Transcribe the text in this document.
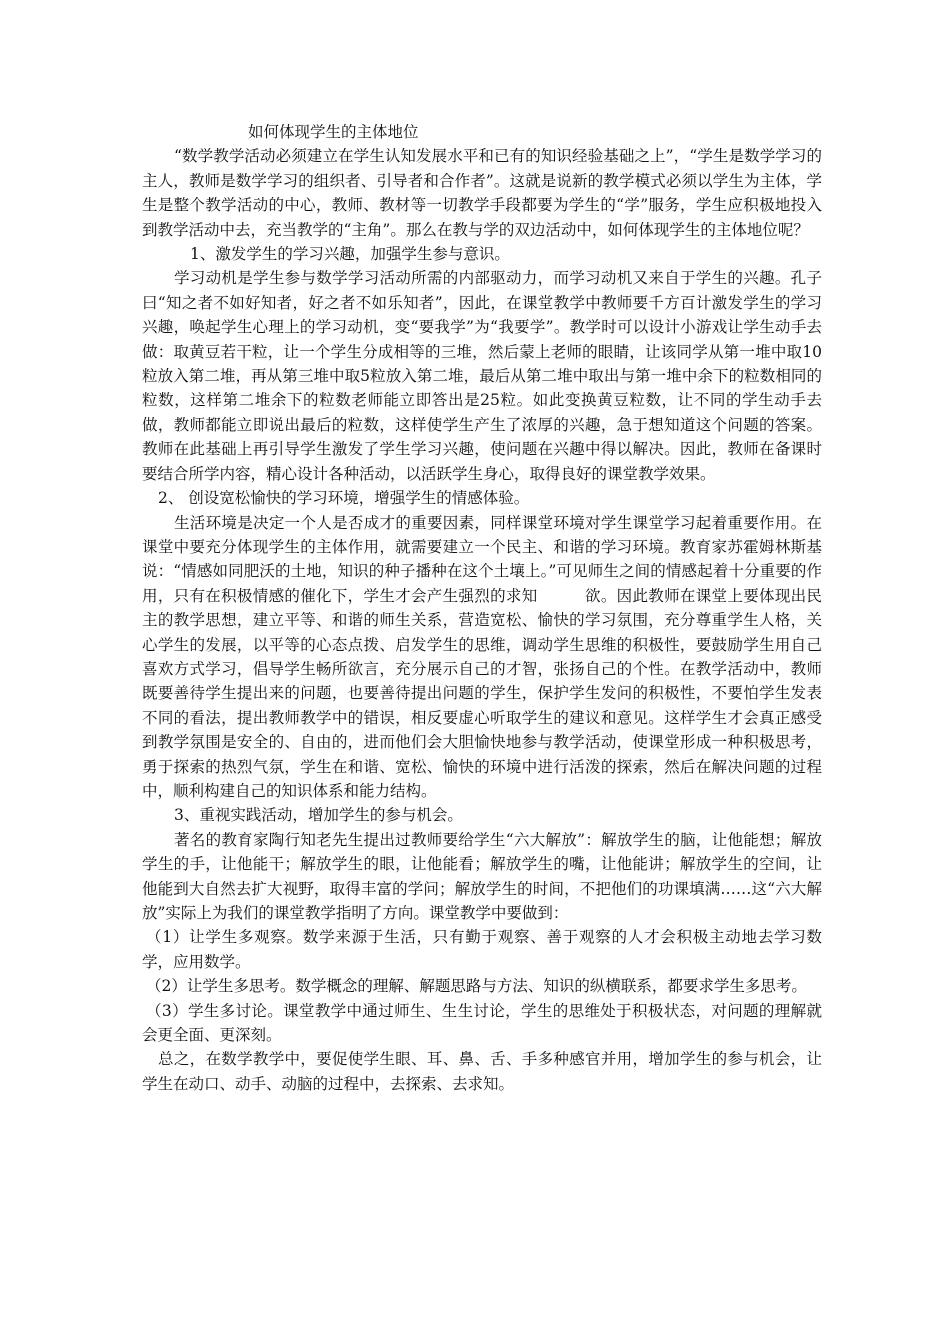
如何体现学生的主体地位

“数学教学活动必须建立在学生认知发展水平和已有的知识经验基础之上”，“学生是数学学习的主人，教师是数学学习的组织者、引导者和合作者”。这就是说新的教学模式必须以学生为主体，学生是整个教学活动的中心，教师、教材等一切教学手段都要为学生的“学”服务，学生应积极地投入到教学活动中去，充当教学的“主角”。那么在教与学的双边活动中，如何体现学生的主体地位呢？

1、激发学生的学习兴趣，加强学生参与意识。

学习动机是学生参与数学学习活动所需的内部驱动力，而学习动机又来自于学生的兴趣。孔子曰“知之者不如好知者，好之者不如乐知者”，因此，在课堂教学中教师要千方百计激发学生的学习兴趣，唤起学生心理上的学习动机，变“要我学”为“我要学”。教学时可以设计小游戏让学生动手去做：取黄豆若干粒，让一个学生分成相等的三堆，然后蒙上老师的眼睛，让该同学从第一堆中取10粒放入第二堆，再从第三堆中取5粒放入第二堆，最后从第二堆中取出与第一堆中余下的粒数相同的粒数，这样第二堆余下的粒数老师能立即答出是25粒。如此变换黄豆粒数，让不同的学生动手去做，教师都能立即说出最后的粒数，这样使学生产生了浓厚的兴趣，急于想知道这个问题的答案。教师在此基础上再引导学生激发了学生学习兴趣，使问题在兴趣中得以解决。因此，教师在备课时要结合所学内容，精心设计各种活动，以活跃学生身心，取得良好的课堂教学效果。

2、 创设宽松愉快的学习环境，增强学生的情感体验。

生活环境是决定一个人是否成才的重要因素，同样课堂环境对学生课堂学习起着重要作用。在课堂中要充分体现学生的主体作用，就需要建立一个民主、和谐的学习环境。教育家苏霍姆林斯基说：“情感如同肥沃的土地，知识的种子播种在这个土壤上。”可见师生之间的情感起着十分重要的作用，只有在积极情感的催化下，学生才会产生强烈的求知　　　欲。因此教师在课堂上要体现出民主的教学思想，建立平等、和谐的师生关系，营造宽松、愉快的学习氛围，充分尊重学生人格，关心学生的发展，以平等的心态点拨、启发学生的思维，调动学生思维的积极性，要鼓励学生用自己喜欢方式学习，倡导学生畅所欲言，充分展示自己的才智，张扬自己的个性。在教学活动中，教师既要善待学生提出来的问题，也要善待提出问题的学生，保护学生发问的积极性，不要怕学生发表不同的看法，提出教师教学中的错误，相反要虚心听取学生的建议和意见。这样学生才会真正感受到教学氛围是安全的、自由的，进而他们会大胆愉快地参与教学活动，使课堂形成一种积极思考，勇于探索的热烈气氛，学生在和谐、宽松、愉快的环境中进行活泼的探索，然后在解决问题的过程中，顺利构建自己的知识体系和能力结构。

3、重视实践活动，增加学生的参与机会。

著名的教育家陶行知老先生提出过教师要给学生“六大解放”：解放学生的脑，让他能想；解放学生的手，让他能干；解放学生的眼，让他能看；解放学生的嘴，让他能讲；解放学生的空间，让他能到大自然去扩大视野，取得丰富的学问；解放学生的时间，不把他们的功课填满……这“六大解放”实际上为我们的课堂教学指明了方向。课堂教学中要做到：

（1）让学生多观察。数学来源于生活，只有勤于观察、善于观察的人才会积极主动地去学习数学，应用数学。

（2）让学生多思考。数学概念的理解、解题思路与方法、知识的纵横联系，都要求学生多思考。

（3）学生多讨论。课堂教学中通过师生、生生讨论，学生的思维处于积极状态，对问题的理解就会更全面、更深刻。

总之，在数学教学中，要促使学生眼、耳、鼻、舌、手多种感官并用，增加学生的参与机会，让学生在动口、动手、动脑的过程中，去探索、去求知。
